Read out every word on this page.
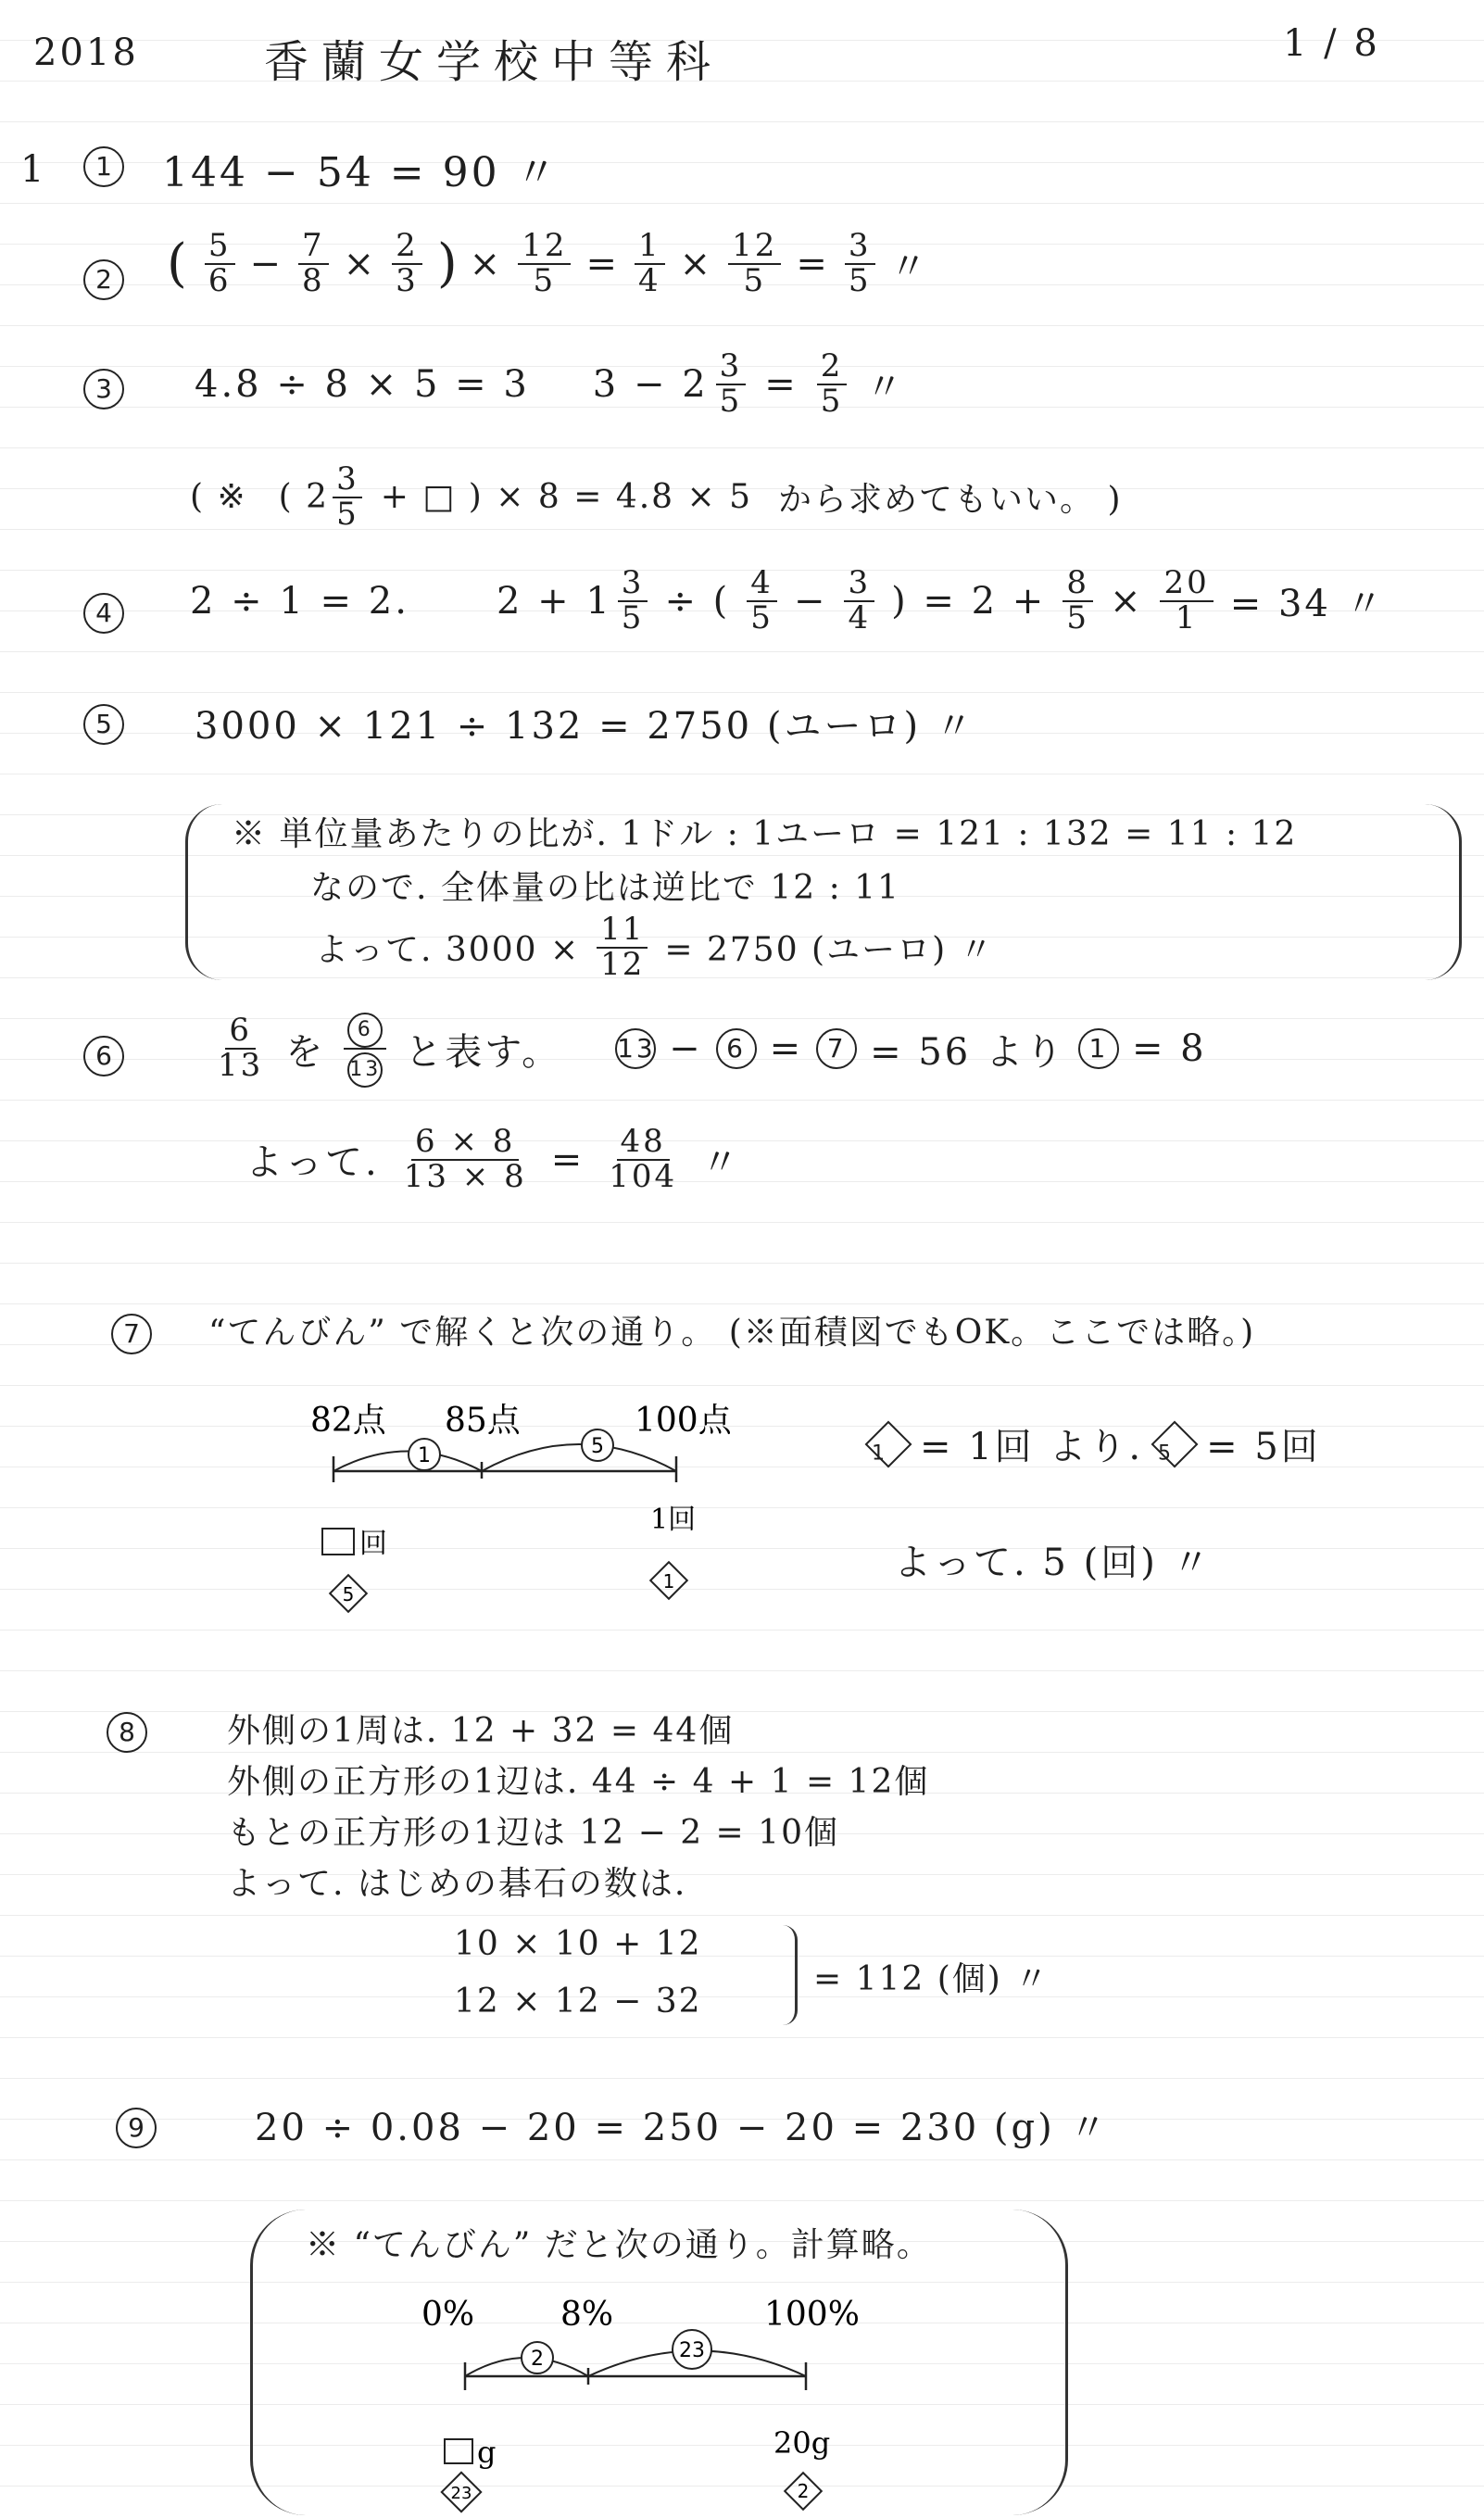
2018	香蘭女学校中等科	1 / 8
1	1 144 − 54 = 90 〃
2 ( $\frac{5}{6} - \frac{7}{8} \times \frac{2}{3}$ ) × $\frac{12}{5} = \frac{1}{4} \times \frac{12}{5} = \frac{3}{5}$ 〃
3	4.8 ÷ 8 × 5 = 3 $3 - 2 \frac{3}{5} = \frac{2}{5}$ 〃
( ※ ( $2 \frac{3}{5}$ + □ ) × 8 = 4.8 × 5 から求めてもいい。 )
4	2 ÷ 1 = 2. $2 + 1 \frac{3}{5}$ ÷ ( $\frac{4}{5} - \frac{3}{4}$ ) = $2 + \frac{8}{5} \times \frac{20}{1} = 34$ 〃
5	3000 × 121 ÷ 132 = 2750 (ユーロ) 〃
※ 単位量あたりの比が. 1ドル : 1ユーロ = 121 : 132 = 11 : 12
なので. 全体量の比は逆比で 12 : 11
よって. $3000 \times \frac{11}{12} = 2750$ (ユーロ) 〃
6	$\frac{6}{13}$ を $\frac{6}{13}$ と表す。 13 − 6 = 7 = 56 より 1 = 8
よって. $\frac{6 \times 8}{13 \times 8} = \frac{48}{104}$ 〃
7	“てんびん” で解くと次の通り。 (※面積図でもOK。ここでは略。)
82点 85点	100点
1	5
回
1回
5
1
1 = 1回 より. 5 = 5回
よって. 5 (回) 〃
8	外側の1周は. 12 + 32 = 44個
外側の正方形の1辺は. 44 ÷ 4 + 1 = 12個
もとの正方形の1辺は 12 − 2 = 10個
よって. はじめの碁石の数は.
10 × 10 + 12
12 × 12 − 32
= 112 (個) 〃
9	20 ÷ 0.08 − 20 = 250 − 20 = 230 (g) 〃
※ “てんびん” だと次の通り。計算略。
0%	8%	100%
2	23
g	20g
23	2
